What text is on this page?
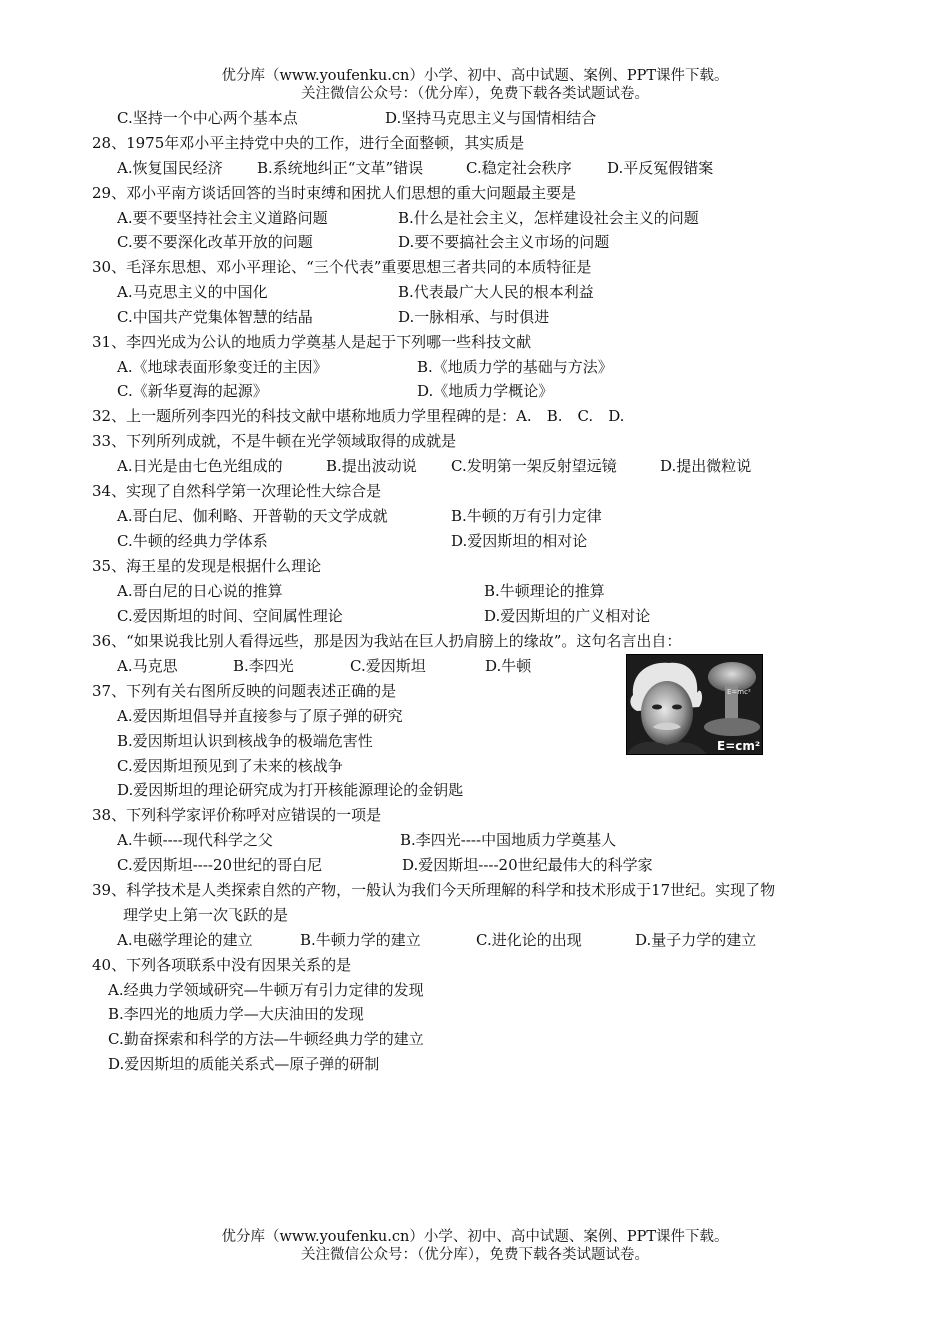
优分库（www.youfenku.cn）小学、初中、高中试题、案例、PPT课件下载。
关注微信公众号：（优分库），免费下载各类试题试卷。
C.坚持一个中心两个基本点	D.坚持马克思主义与国情相结合
28、1975年邓小平主持党中央的工作，进行全面整顿，其实质是
A.恢复国民经济 B.系统地纠正“文革”错误	C.稳定社会秩序 D.平反冤假错案
29、邓小平南方谈话回答的当时束缚和困扰人们思想的重大问题最主要是
A.要不要坚持社会主义道路问题	B.什么是社会主义，怎样建设社会主义的问题
C.要不要深化改革开放的问题	D.要不要搞社会主义市场的问题
30、毛泽东思想、邓小平理论、“三个代表”重要思想三者共同的本质特征是
A.马克思主义的中国化	B.代表最广大人民的根本利益
C.中国共产党集体智慧的结晶	D.一脉相承、与时俱进
31、李四光成为公认的地质力学奠基人是起于下列哪一些科技文献
A.《地球表面形象变迁的主因》	B.《地质力学的基础与方法》
C.《新华夏海的起源》	D.《地质力学概论》
32、上一题所列李四光的科技文献中堪称地质力学里程碑的是：A.　B.　C.　D.
33、下列所列成就，不是牛顿在光学领域取得的成就是
A.日光是由七色光组成的	B.提出波动说 C.发明第一架反射望远镜	D.提出微粒说
34、实现了自然科学第一次理论性大综合是
A.哥白尼、伽利略、开普勒的天文学成就	B.牛顿的万有引力定律
C.牛顿的经典力学体系	D.爱因斯坦的相对论
35、海王星的发现是根据什么理论
A.哥白尼的日心说的推算	B.牛顿理论的推算
C.爱因斯坦的时间、空间属性理论	D.爱因斯坦的广义相对论
36、“如果说我比别人看得远些，那是因为我站在巨人扔肩膀上的缘故”。这句名言出自：
A.马克思	B.李四光	C.爱因斯坦	D.牛顿
37、下列有关右图所反映的问题表述正确的是
A.爱因斯坦倡导并直接参与了原子弹的研究
B.爱因斯坦认识到核战争的极端危害性
C.爱因斯坦预见到了未来的核战争
D.爱因斯坦的理论研究成为打开核能源理论的金钥匙
E=mc²
E=cm²
38、下列科学家评价称呼对应错误的一项是
A.牛顿----现代科学之父	B.李四光----中国地质力学奠基人
C.爱因斯坦----20世纪的哥白尼	D.爱因斯坦----20世纪最伟大的科学家
39、科学技术是人类探索自然的产物，一般认为我们今天所理解的科学和技术形成于17世纪。实现了物
理学史上第一次飞跃的是
A.电磁学理论的建立	B.牛顿力学的建立	C.进化论的出现	D.量子力学的建立
40、下列各项联系中没有因果关系的是
A.经典力学领域研究—牛顿万有引力定律的发现
B.李四光的地质力学—大庆油田的发现
C.勤奋探索和科学的方法—牛顿经典力学的建立
D.爱因斯坦的质能关系式—原子弹的研制
优分库（www.youfenku.cn）小学、初中、高中试题、案例、PPT课件下载。
关注微信公众号：（优分库），免费下载各类试题试卷。
